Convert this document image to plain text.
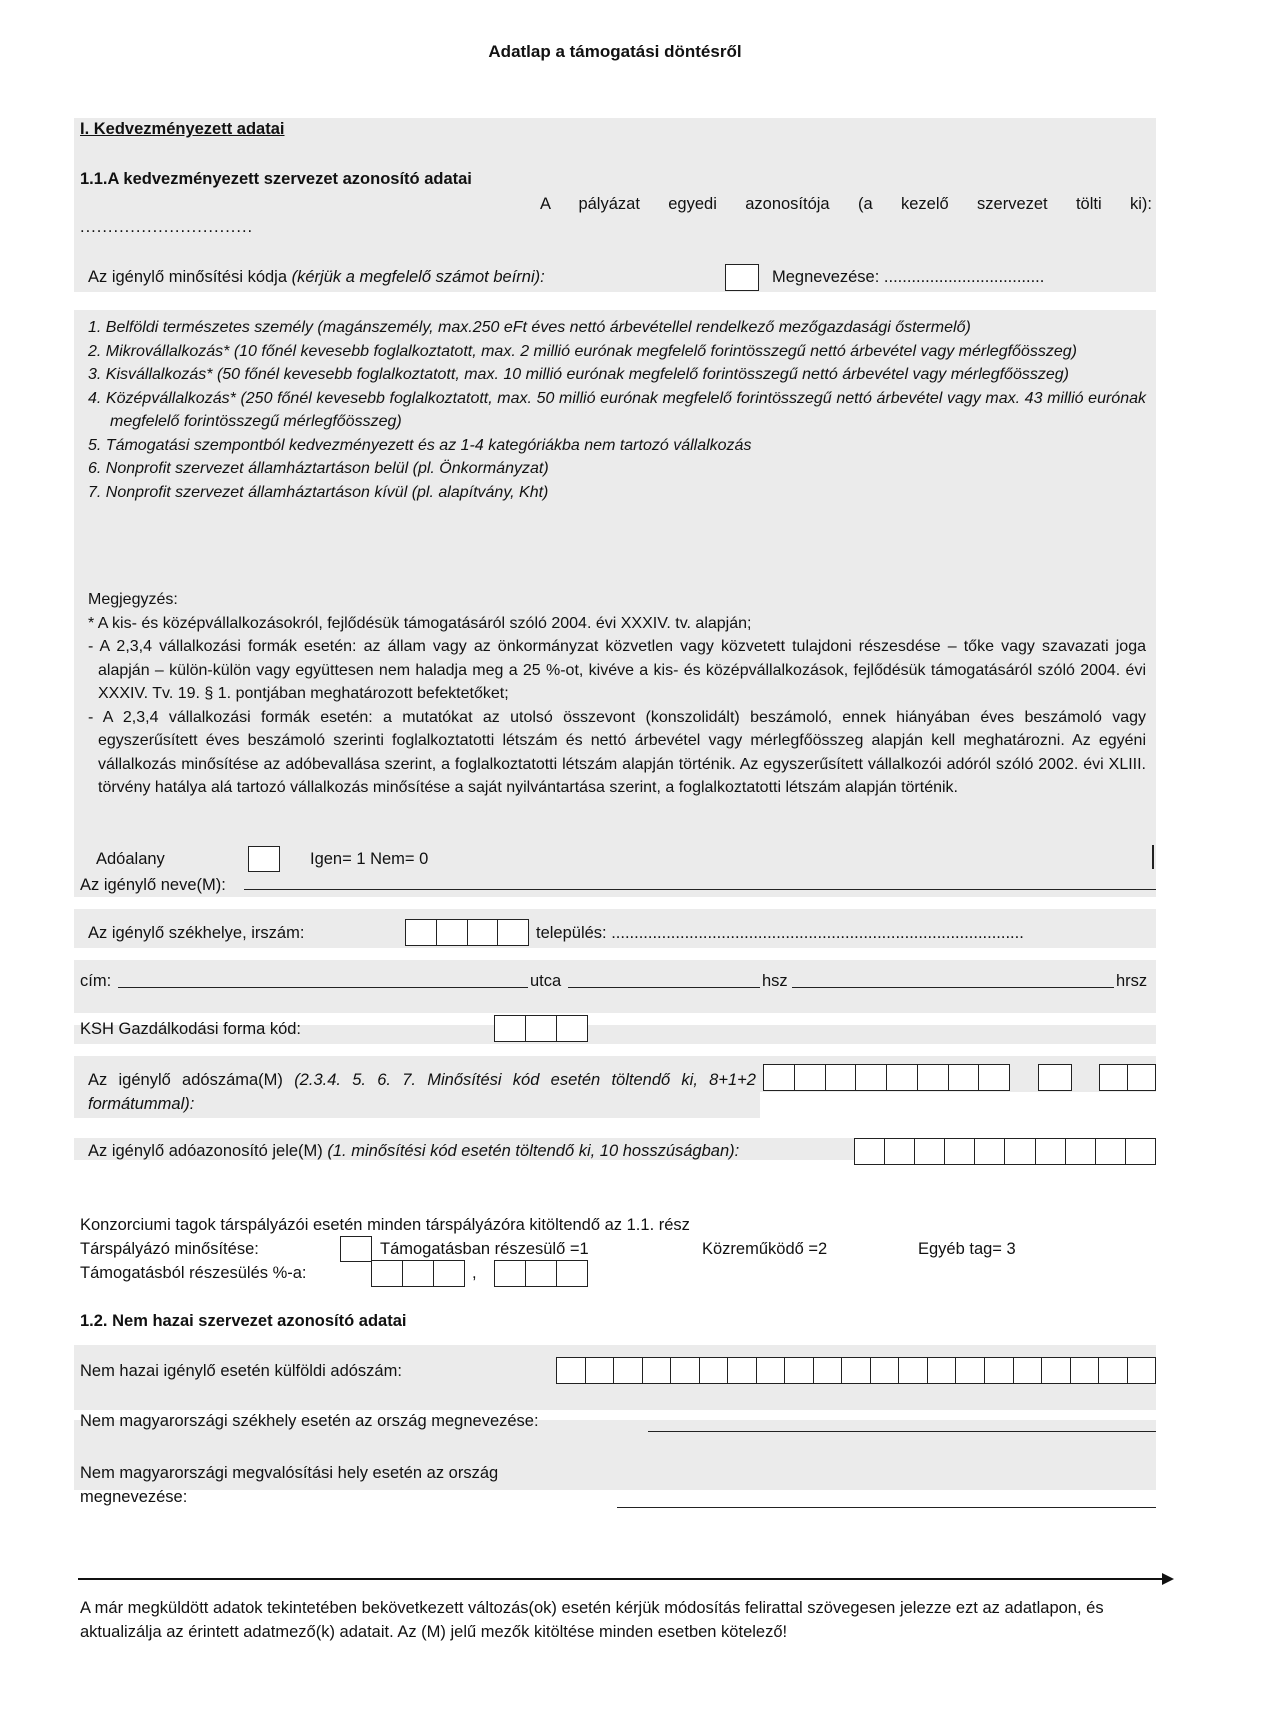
Adatlap a támogatási döntésről
I. Kedvezményezett adatai
1.1.A kedvezményezett szervezet azonosító adatai
A pályázat egyedi azonosítója (a kezelő szervezet tölti ki):
...............................
Az igénylő minősítési kódja (kérjük a megfelelő számot beírni):	Megnevezése: ...................................
1. Belföldi természetes személy (magánszemély, max.250 eFt éves nettó árbevétellel rendelkező mezőgazdasági őstermelő)
2. Mikrovállalkozás* (10 főnél kevesebb foglalkoztatott, max. 2 millió eurónak megfelelő forintösszegű nettó árbevétel vagy mérlegfőösszeg)
3. Kisvállalkozás* (50 főnél kevesebb foglalkoztatott, max. 10 millió eurónak megfelelő forintösszegű nettó árbevétel vagy mérlegfőösszeg)
4. Középvállalkozás* (250 főnél kevesebb foglalkoztatott, max. 50 millió eurónak megfelelő forintösszegű nettó árbevétel vagy max. 43 millió eurónak megfelelő forintösszegű mérlegfőösszeg)
5. Támogatási szempontból kedvezményezett és az 1-4 kategóriákba nem tartozó vállalkozás
6. Nonprofit szervezet államháztartáson belül (pl. Önkormányzat)
7. Nonprofit szervezet államháztartáson kívül (pl. alapítvány, Kht)
Megjegyzés:
* A kis- és középvállalkozásokról, fejlődésük támogatásáról szóló 2004. évi XXXIV. tv. alapján;
- A 2,3,4 vállalkozási formák esetén: az állam vagy az önkormányzat közvetlen vagy közvetett tulajdoni részesdése – tőke vagy szavazati joga alapján – külön-külön vagy együttesen nem haladja meg a 25 %-ot, kivéve a kis- és középvállalkozások, fejlődésük támogatásáról szóló 2004. évi XXXIV. Tv. 19. § 1. pontjában meghatározott befektetőket;
- A 2,3,4 vállalkozási formák esetén: a mutatókat az utolsó összevont (konszolidált) beszámoló, ennek hiányában éves beszámoló vagy egyszerűsített éves beszámoló szerinti foglalkoztatotti létszám és nettó árbevétel vagy mérlegfőösszeg alapján kell meghatározni. Az egyéni vállalkozás minősítése az adóbevallása szerint, a foglalkoztatotti létszám alapján történik. Az egyszerűsített vállalkozói adóról szóló 2002. évi XLIII. törvény hatálya alá tartozó vállalkozás minősítése a saját nyilvántartása szerint, a foglalkoztatotti létszám alapján történik.
Adóalany	Igen= 1 Nem= 0
Az igénylő neve(M):
Az igénylő székhelye, irszám:	település: ..........................................................................................
cím:	utca	hsz	hrsz
KSH Gazdálkodási forma kód:
Az igénylő adószáma(M) (2.3.4. 5. 6. 7. Minősítési kód esetén töltendő ki, 8+1+2 formátummal):
Az igénylő adóazonosító jele(M) (1. minősítési kód esetén töltendő ki, 10 hosszúságban):
Konzorciumi tagok társpályázói esetén minden társpályázóra kitöltendő az 1.1. rész
Társpályázó minősítése:	Támogatásban részesülő =1	Közreműködő =2	Egyéb tag= 3
Támogatásból részesülés %-a:	,
1.2. Nem hazai szervezet azonosító adatai
Nem hazai igénylő esetén külföldi adószám:
Nem magyarországi székhely esetén az ország megnevezése:
Nem magyarországi megvalósítási hely esetén az ország
megnevezése:
A már megküldött adatok tekintetében bekövetkezett változás(ok) esetén kérjük módosítás felirattal szövegesen jelezze ezt az adatlapon, és aktualizálja az érintett adatmező(k) adatait. Az (M) jelű mezők kitöltése minden esetben kötelező!
